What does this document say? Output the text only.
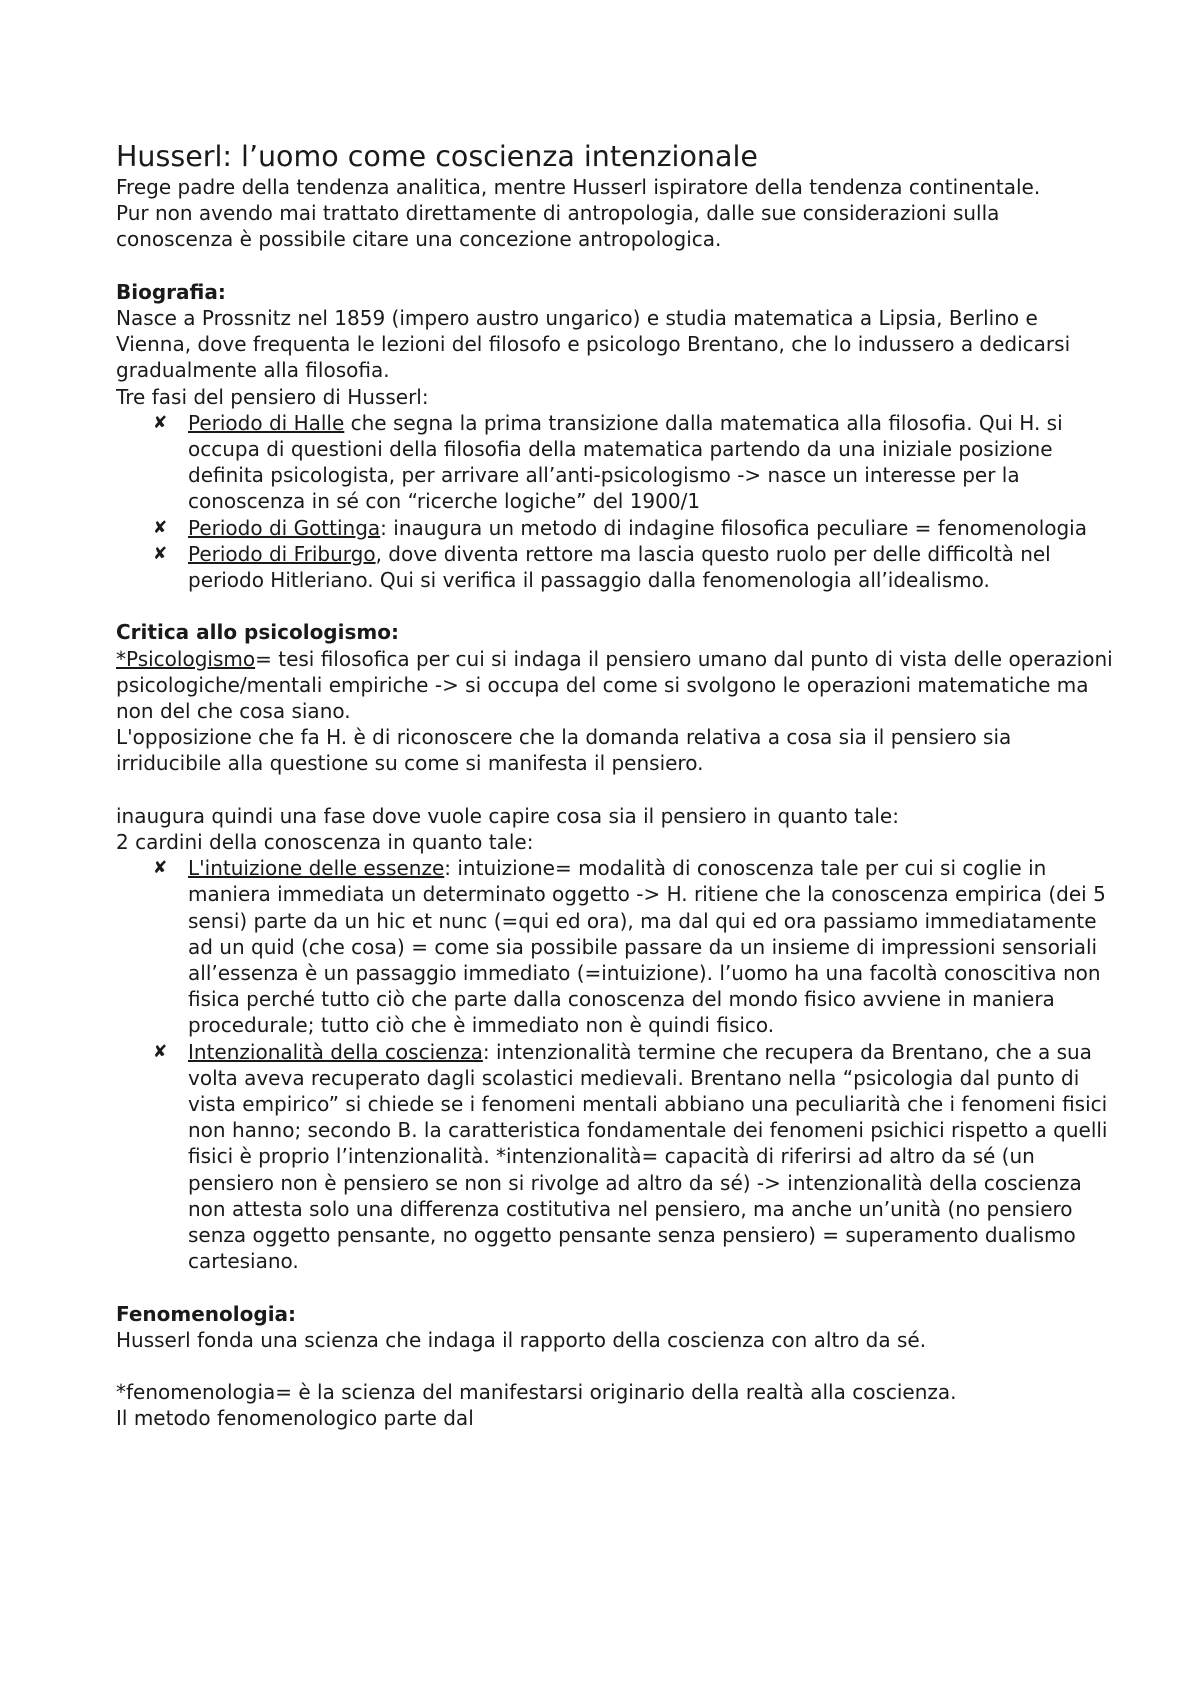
Husserl: l’uomo come coscienza intenzionale

Frege padre della tendenza analitica, mentre Husserl ispiratore della tendenza continentale.

Pur non avendo mai trattato direttamente di antropologia, dalle sue considerazioni sulla conoscenza è possibile citare una concezione antropologica.

Biografia:

Nasce a Prossnitz nel 1859 (impero austro ungarico) e studia matematica a Lipsia, Berlino e Vienna, dove frequenta le lezioni del filosofo e psicologo Brentano, che lo indussero a dedicarsi gradualmente alla filosofia.

Tre fasi del pensiero di Husserl:

✘ Periodo di Halle che segna la prima transizione dalla matematica alla filosofia. Qui H. si occupa di questioni della filosofia della matematica partendo da una iniziale posizione definita psicologista, per arrivare all’anti-psicologismo -> nasce un interesse per la conoscenza in sé con “ricerche logiche” del 1900/1
✘ Periodo di Gottinga: inaugura un metodo di indagine filosofica peculiare = fenomenologia
✘ Periodo di Friburgo, dove diventa rettore ma lascia questo ruolo per delle difficoltà nel periodo Hitleriano. Qui si verifica il passaggio dalla fenomenologia all’idealismo.
Critica allo psicologismo:

*Psicologismo= tesi filosofica per cui si indaga il pensiero umano dal punto di vista delle operazioni psicologiche/mentali empiriche -> si occupa del come si svolgono le operazioni matematiche ma non del che cosa siano.

L'opposizione che fa H. è di riconoscere che la domanda relativa a cosa sia il pensiero sia irriducibile alla questione su come si manifesta il pensiero.

inaugura quindi una fase dove vuole capire cosa sia il pensiero in quanto tale:

2 cardini della conoscenza in quanto tale:

✘ L'intuizione delle essenze: intuizione= modalità di conoscenza tale per cui si coglie in maniera immediata un determinato oggetto -> H. ritiene che la conoscenza empirica (dei 5 sensi) parte da un hic et nunc (=qui ed ora), ma dal qui ed ora passiamo immediatamente ad un quid (che cosa) = come sia possibile passare da un insieme di impressioni sensoriali all’essenza è un passaggio immediato (=intuizione). l’uomo ha una facoltà conoscitiva non fisica perché tutto ciò che parte dalla conoscenza del mondo fisico avviene in maniera procedurale; tutto ciò che è immediato non è quindi fisico.
✘ Intenzionalità della coscienza: intenzionalità termine che recupera da Brentano, che a sua volta aveva recuperato dagli scolastici medievali. Brentano nella “psicologia dal punto di vista empirico” si chiede se i fenomeni mentali abbiano una peculiarità che i fenomeni fisici non hanno; secondo B. la caratteristica fondamentale dei fenomeni psichici rispetto a quelli fisici è proprio l’intenzionalità. *intenzionalità= capacità di riferirsi ad altro da sé (un pensiero non è pensiero se non si rivolge ad altro da sé) -> intenzionalità della coscienza non attesta solo una differenza costitutiva nel pensiero, ma anche un’unità (no pensiero senza oggetto pensante, no oggetto pensante senza pensiero) = superamento dualismo cartesiano.
Fenomenologia:

Husserl fonda una scienza che indaga il rapporto della coscienza con altro da sé.

*fenomenologia= è la scienza del manifestarsi originario della realtà alla coscienza.

Il metodo fenomenologico parte dal
